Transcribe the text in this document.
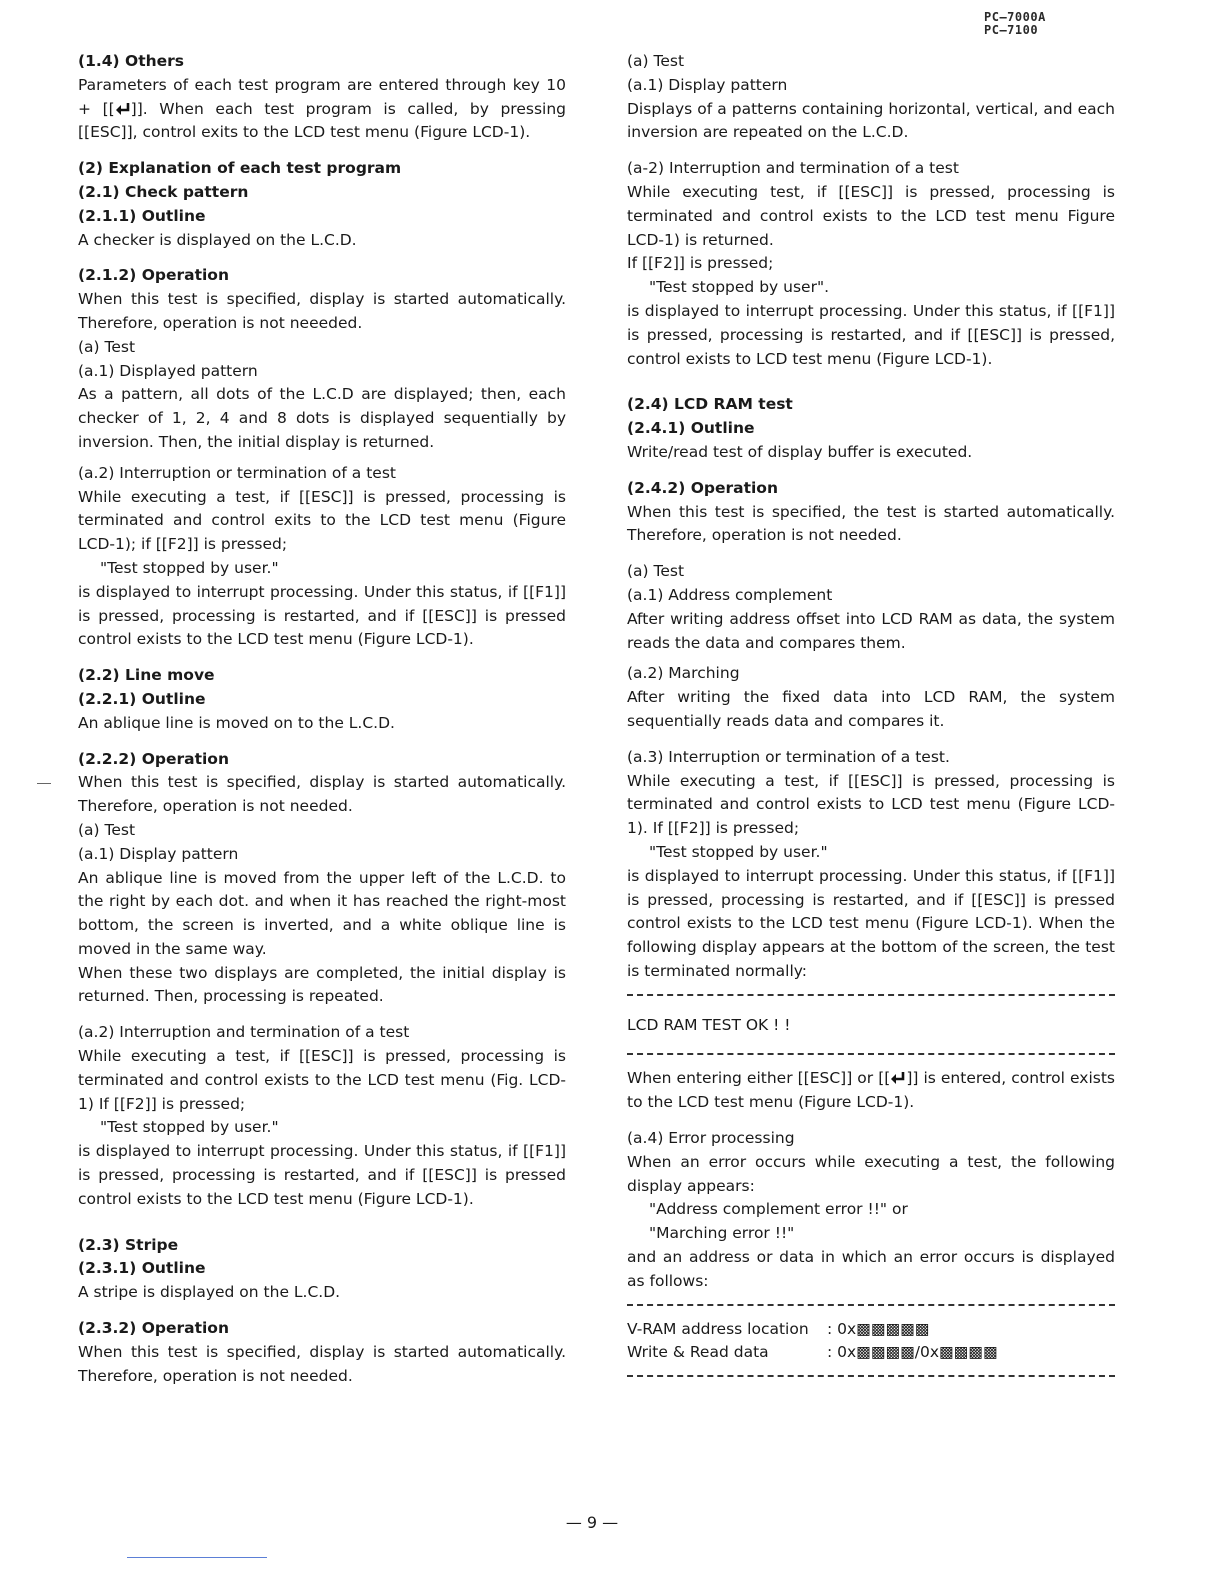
PC—7000A
PC—7100

(1.4) Others

Parameters of each test program are entered through key 10 + [[ ]]. When each test program is called, by pressing [[ESC]], control exits to the LCD test menu (Figure LCD-1).

(2) Explanation of each test program

(2.1) Check pattern

(2.1.1) Outline

A checker is displayed on the L.C.D.

(2.1.2) Operation

When this test is specified, display is started automatically. Therefore, operation is not neeeded.

(a) Test

(a.1) Displayed pattern

As a pattern, all dots of the L.C.D are displayed; then, each checker of 1, 2, 4 and 8 dots is displayed sequentially by inversion. Then, the initial display is returned.

(a.2) Interruption or termination of a test

While executing a test, if [[ESC]] is pressed, processing is terminated and control exits to the LCD test menu (Figure LCD-1); if [[F2]] is pressed;

"Test stopped by user."

is displayed to interrupt processing. Under this status, if [[F1]] is pressed, processing is restarted, and if [[ESC]] is pressed control exists to the LCD test menu (Figure LCD-1).

(2.2) Line move

(2.2.1) Outline

An ablique line is moved on to the L.C.D.

(2.2.2) Operation

When this test is specified, display is started automatically. Therefore, operation is not needed.

(a) Test

(a.1) Display pattern

An ablique line is moved from the upper left of the L.C.D. to the right by each dot. and when it has reached the right-most bottom, the screen is inverted, and a white oblique line is moved in the same way.

When these two displays are completed, the initial display is returned. Then, processing is repeated.

(a.2) Interruption and termination of a test

While executing a test, if [[ESC]] is pressed, processing is terminated and control exists to the LCD test menu (Fig. LCD-1) If [[F2]] is pressed;

"Test stopped by user."

is displayed to interrupt processing. Under this status, if [[F1]] is pressed, processing is restarted, and if [[ESC]] is pressed control exists to the LCD test menu (Figure LCD-1).

(2.3) Stripe

(2.3.1) Outline

A stripe is displayed on the L.C.D.

(2.3.2) Operation

When this test is specified, display is started automatically. Therefore, operation is not needed.

(a) Test

(a.1) Display pattern

Displays of a patterns containing horizontal, vertical, and each inversion are repeated on the L.C.D.

(a-2) Interruption and termination of a test

While executing test, if [[ESC]] is pressed, processing is terminated and control exists to the LCD test menu Figure LCD-1) is returned.

If [[F2]] is pressed;

"Test stopped by user".

is displayed to interrupt processing. Under this status, if [[F1]] is pressed, processing is restarted, and if [[ESC]] is pressed, control exists to LCD test menu (Figure LCD-1).

(2.4) LCD RAM test

(2.4.1) Outline

Write/read test of display buffer is executed.

(2.4.2) Operation

When this test is specified, the test is started automatically. Therefore, operation is not needed.

(a) Test

(a.1) Address complement

After writing address offset into LCD RAM as data, the system reads the data and compares them.

(a.2) Marching

After writing the fixed data into LCD RAM, the system sequentially reads data and compares it.

(a.3) Interruption or termination of a test.

While executing a test, if [[ESC]] is pressed, processing is terminated and control exists to LCD test menu (Figure LCD-1). If [[F2]] is pressed;

"Test stopped by user."

is displayed to interrupt processing. Under this status, if [[F1]] is pressed, processing is restarted, and if [[ESC]] is pressed control exists to the LCD test menu (Figure LCD-1). When the following display appears at the bottom of the screen, the test is terminated normally:

LCD RAM TEST OK ! !

When entering either [[ESC]] or [[ ]] is entered, control exists to the LCD test menu (Figure LCD-1).

(a.4) Error processing

When an error occurs while executing a test, the following display appears:

"Address complement error !!" or

"Marching error !!"

and an address or data in which an error occurs is displayed as follows:

V-RAM address location	: 0x▩▩▩▩▩
Write & Read data	: 0x▩▩▩▩/0x▩▩▩▩
— 9 —
